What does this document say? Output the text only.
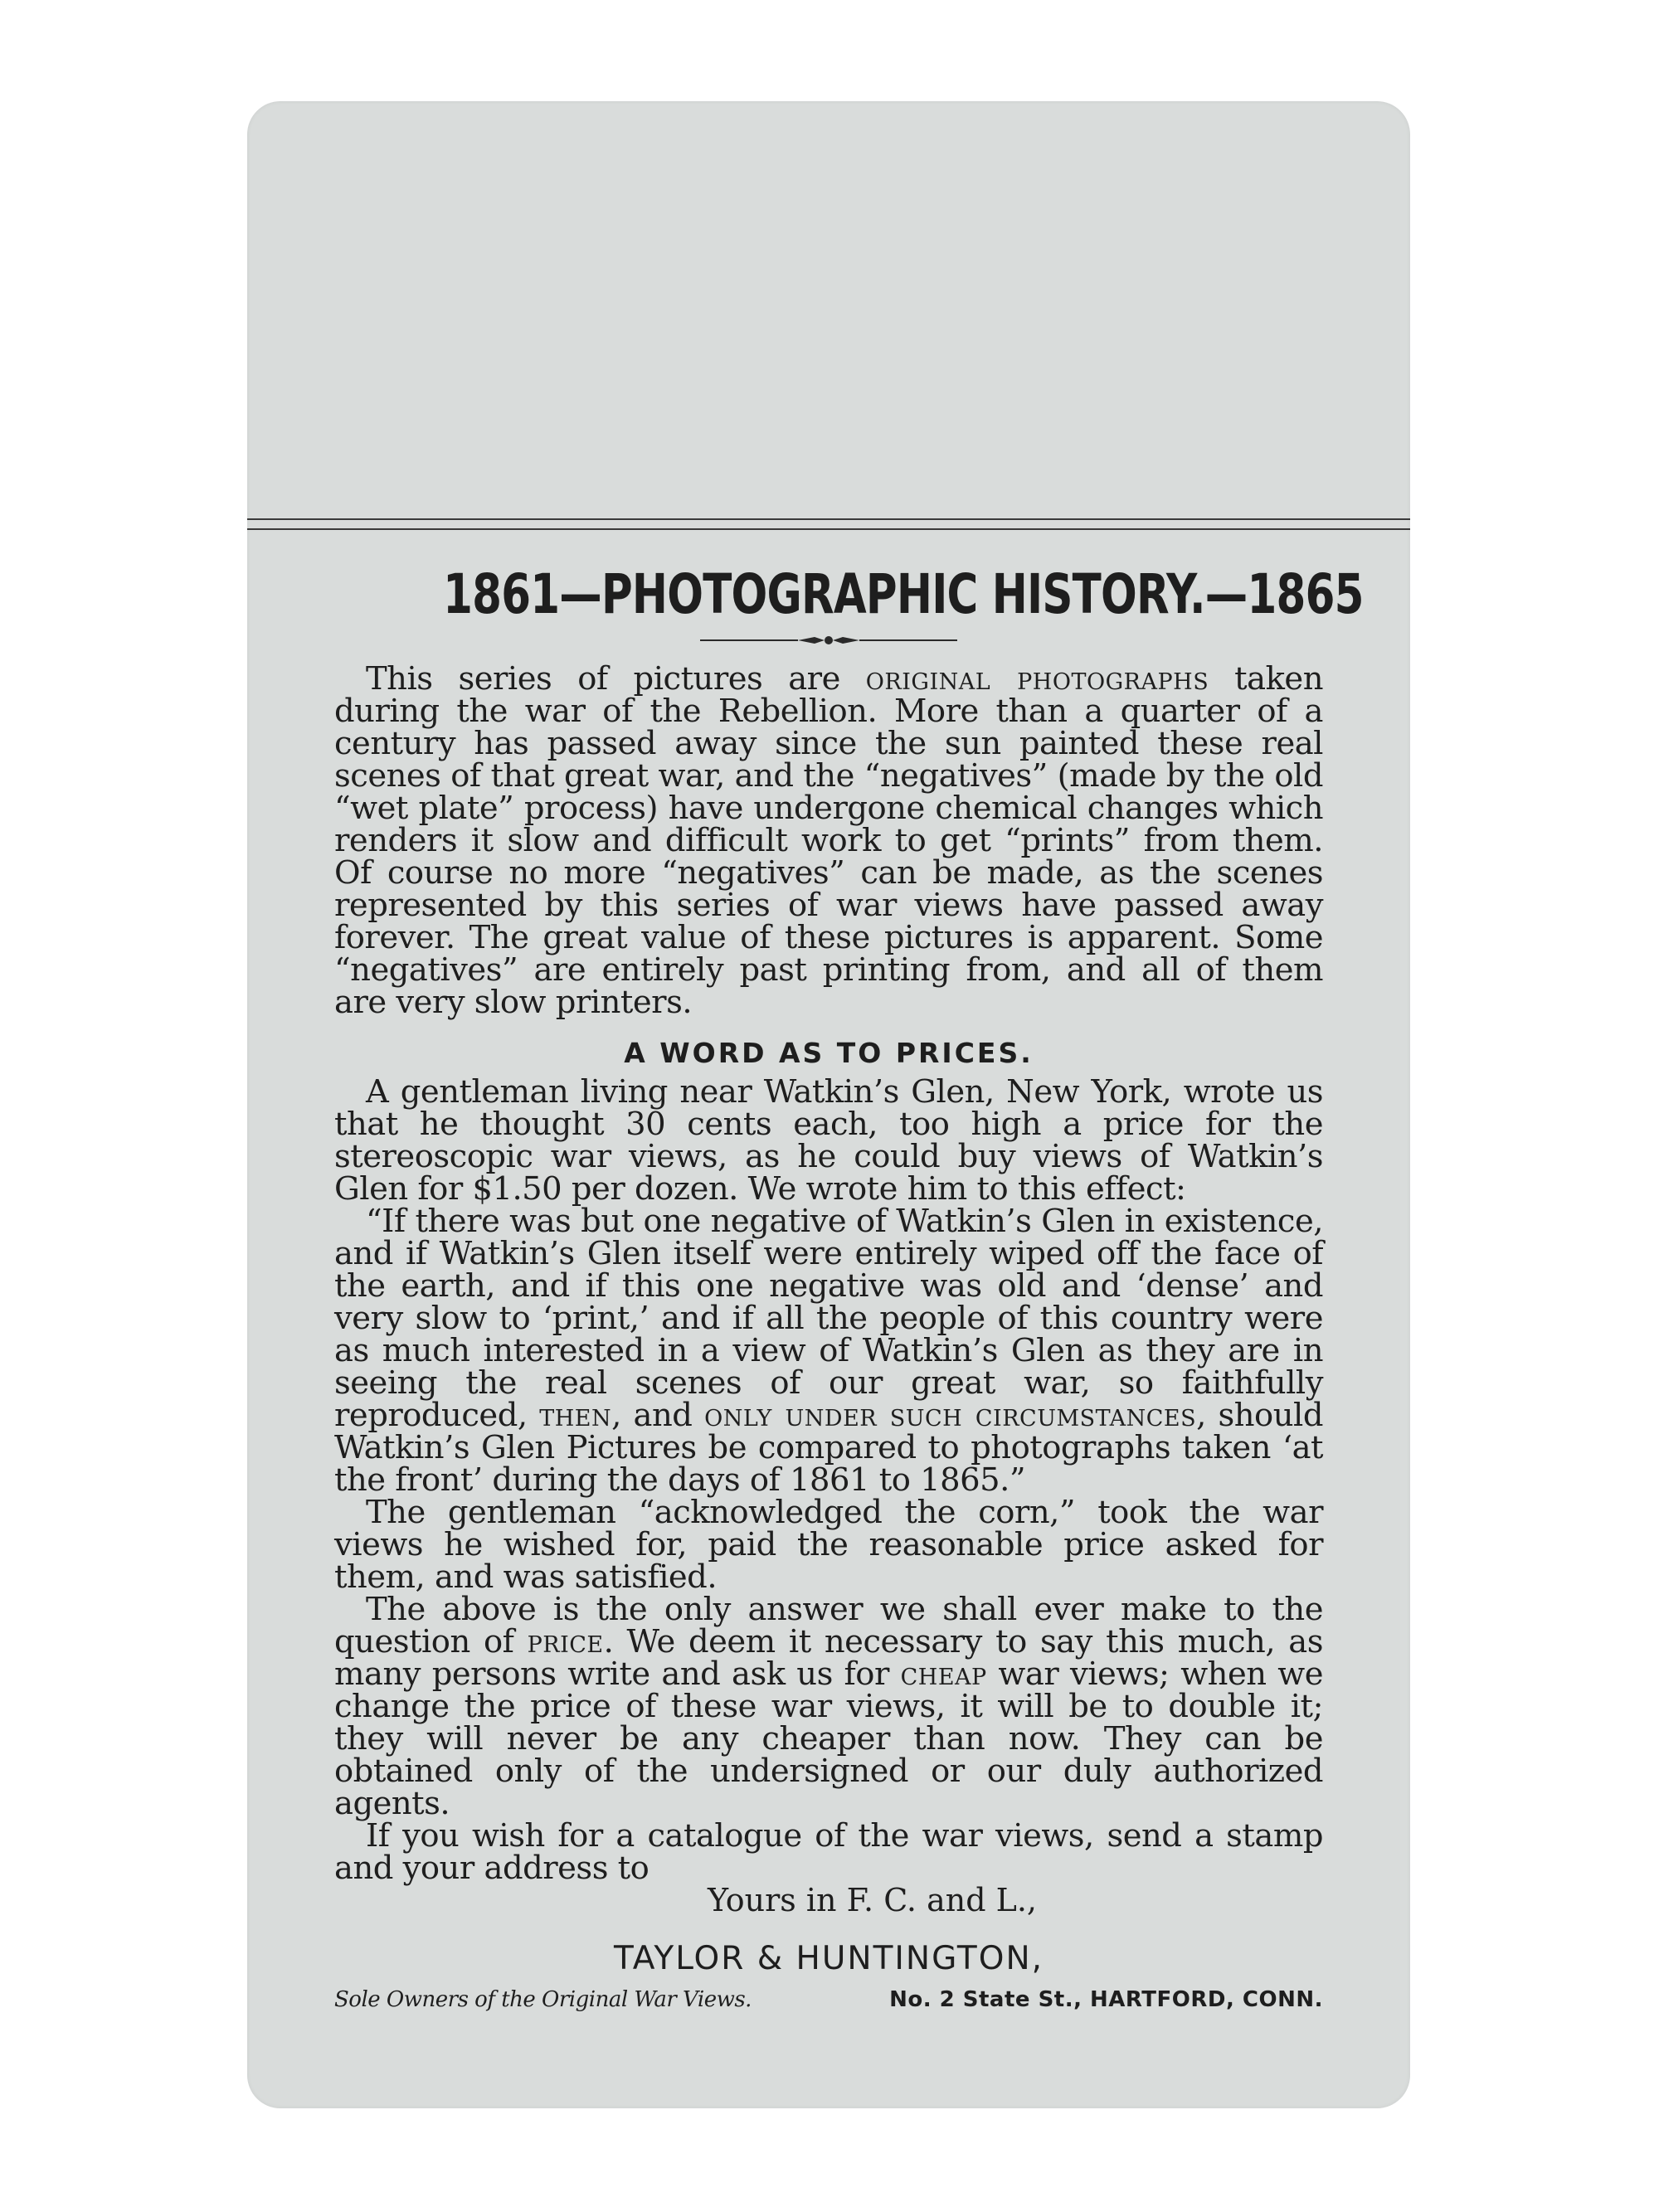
1861—PHOTOGRAPHIC HISTORY.—1865

This series of pictures are original photographs taken during the war of the Rebellion. More than a quarter of a century has passed away since the sun painted these real scenes of that great war, and the “negatives” (made by the old “wet plate” process) have undergone chemical changes which renders it slow and difficult work to get “prints” from them. Of course no more “negatives” can be made, as the scenes represented by this series of war views have passed away forever. The great value of these pictures is apparent. Some “negatives” are entirely past printing from, and all of them are very slow printers.

A WORD AS TO PRICES.

A gentleman living near Watkin’s Glen, New York, wrote us that he thought 30 cents each, too high a price for the stereoscopic war views, as he could buy views of Watkin’s Glen for $1.50 per dozen. We wrote him to this effect:

“If there was but one negative of Watkin’s Glen in existence, and if Watkin’s Glen itself were entirely wiped off the face of the earth, and if this one negative was old and ‘dense’ and very slow to ‘print,’ and if all the people of this country were as much interested in a view of Watkin’s Glen as they are in seeing the real scenes of our great war, so faithfully reproduced, then, and only under such circumstances, should Watkin’s Glen Pictures be compared to photographs taken ‘at the front’ during the days of 1861 to 1865.”

The gentleman “acknowledged the corn,” took the war views he wished for, paid the reasonable price asked for them, and was satisfied.

The above is the only answer we shall ever make to the question of price. We deem it necessary to say this much, as many persons write and ask us for cheap war views; when we change the price of these war views, it will be to double it; they will never be any cheaper than now. They can be obtained only of the undersigned or our duly authorized agents.

If you wish for a catalogue of the war views, send a stamp and your address to

Yours in F. C. and L.,

TAYLOR & HUNTINGTON,
Sole Owners of the Original War Views.	No. 2 State St., HARTFORD, CONN.
